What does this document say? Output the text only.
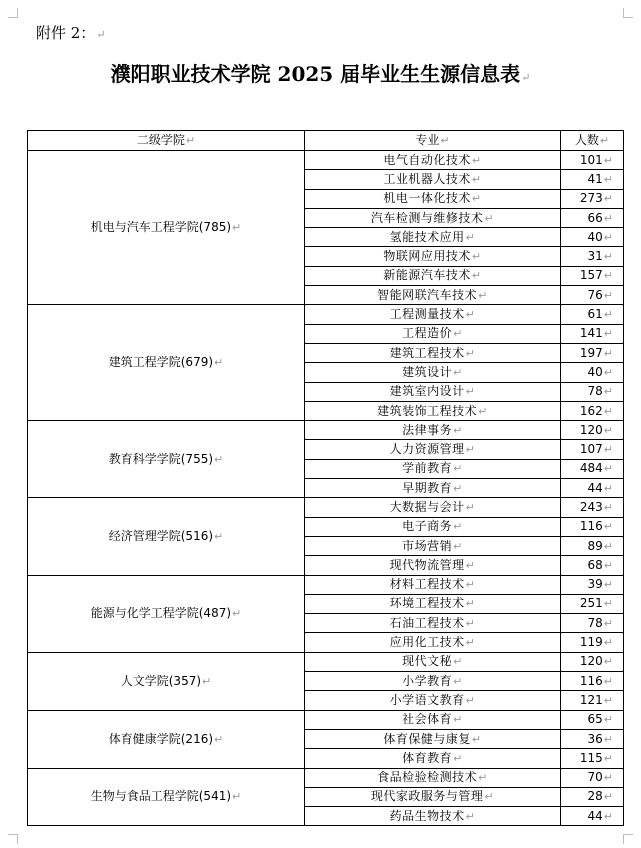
附件 2：↵
濮阳职业技术学院 2025 届毕业生生源信息表↵
二级学院↵	专业↵	人数↵
机电与汽车工程学院(785)↵	电气自动化技术↵	101↵
	工业机器人技术↵	41↵
	机电一体化技术↵	273↵
	汽车检测与维修技术↵	66↵
	氢能技术应用↵	40↵
	物联网应用技术↵	31↵
	新能源汽车技术↵	157↵
	智能网联汽车技术↵	76↵
建筑工程学院(679)↵	工程测量技术↵	61↵
	工程造价↵	141↵
	建筑工程技术↵	197↵
	建筑设计↵	40↵
	建筑室内设计↵	78↵
	建筑装饰工程技术↵	162↵
教育科学学院(755)↵	法律事务↵	120↵
	人力资源管理↵	107↵
	学前教育↵	484↵
	早期教育↵	44↵
经济管理学院(516)↵	大数据与会计↵	243↵
	电子商务↵	116↵
	市场营销↵	89↵
	现代物流管理↵	68↵
能源与化学工程学院(487)↵	材料工程技术↵	39↵
	环境工程技术↵	251↵
	石油工程技术↵	78↵
	应用化工技术↵	119↵
人文学院(357)↵	现代文秘↵	120↵
	小学教育↵	116↵
	小学语文教育↵	121↵
体育健康学院(216)↵	社会体育↵	65↵
	体育保健与康复↵	36↵
	体育教育↵	115↵
生物与食品工程学院(541)↵	食品检验检测技术↵	70↵
	现代家政服务与管理↵	28↵
	药品生物技术↵	44↵
